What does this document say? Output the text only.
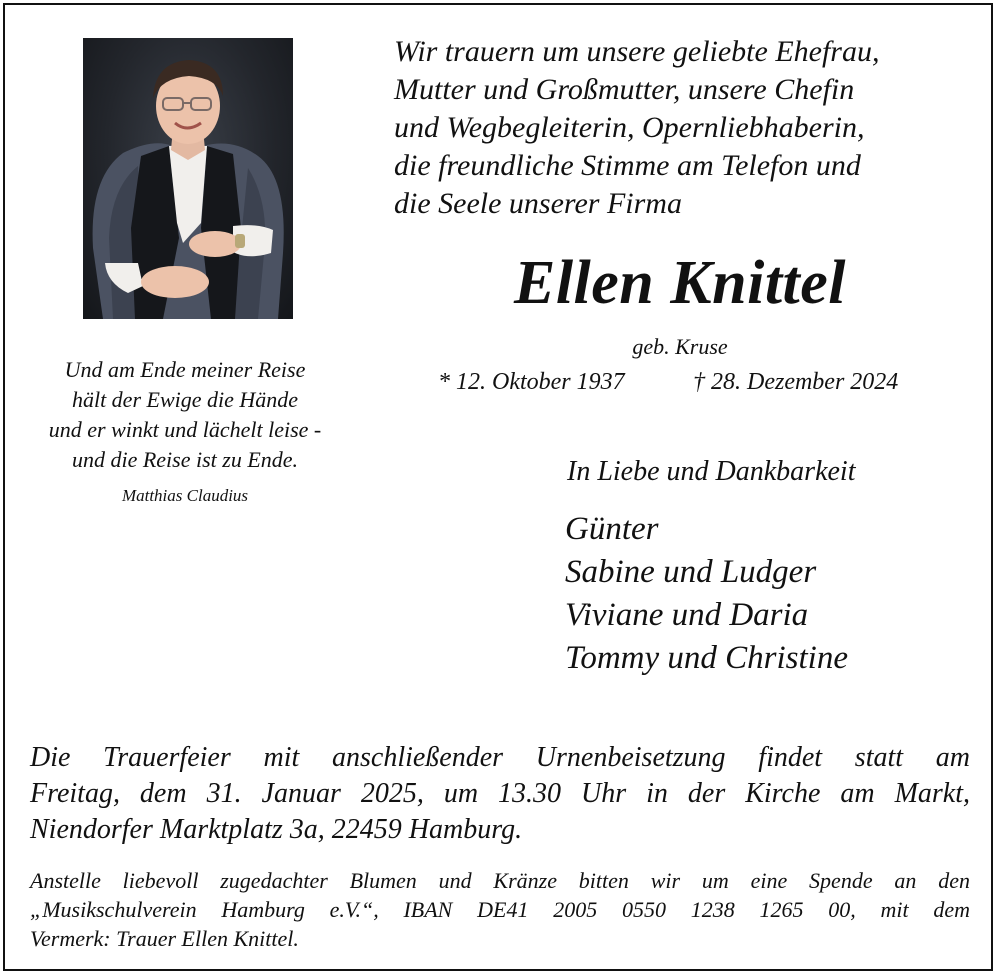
Und am Ende meiner Reise
hält der Ewige die Hände
und er winkt und lächelt leise -
und die Reise ist zu Ende.
Matthias Claudius
Wir trauern um unsere geliebte Ehefrau,
Mutter und Großmutter, unsere Chefin
und Wegbegleiterin, Opernliebhaberin,
die freundliche Stimme am Telefon und
die Seele unserer Firma
Ellen Knittel
geb. Kruse
* 12. Oktober 1937	† 28. Dezember 2024
In Liebe und Dankbarkeit
Günter
Sabine und Ludger
Viviane und Daria
Tommy und Christine
Die Trauerfeier mit anschließender Urnenbeisetzung findet statt am
Freitag, dem 31. Januar 2025, um 13.30 Uhr in der Kirche am Markt,
Niendorfer Marktplatz 3a, 22459 Hamburg.
Anstelle liebevoll zugedachter Blumen und Kränze bitten wir um eine Spende an den
„Musikschulverein Hamburg e.V.“, IBAN DE41 2005 0550 1238 1265 00, mit dem
Vermerk: Trauer Ellen Knittel.
